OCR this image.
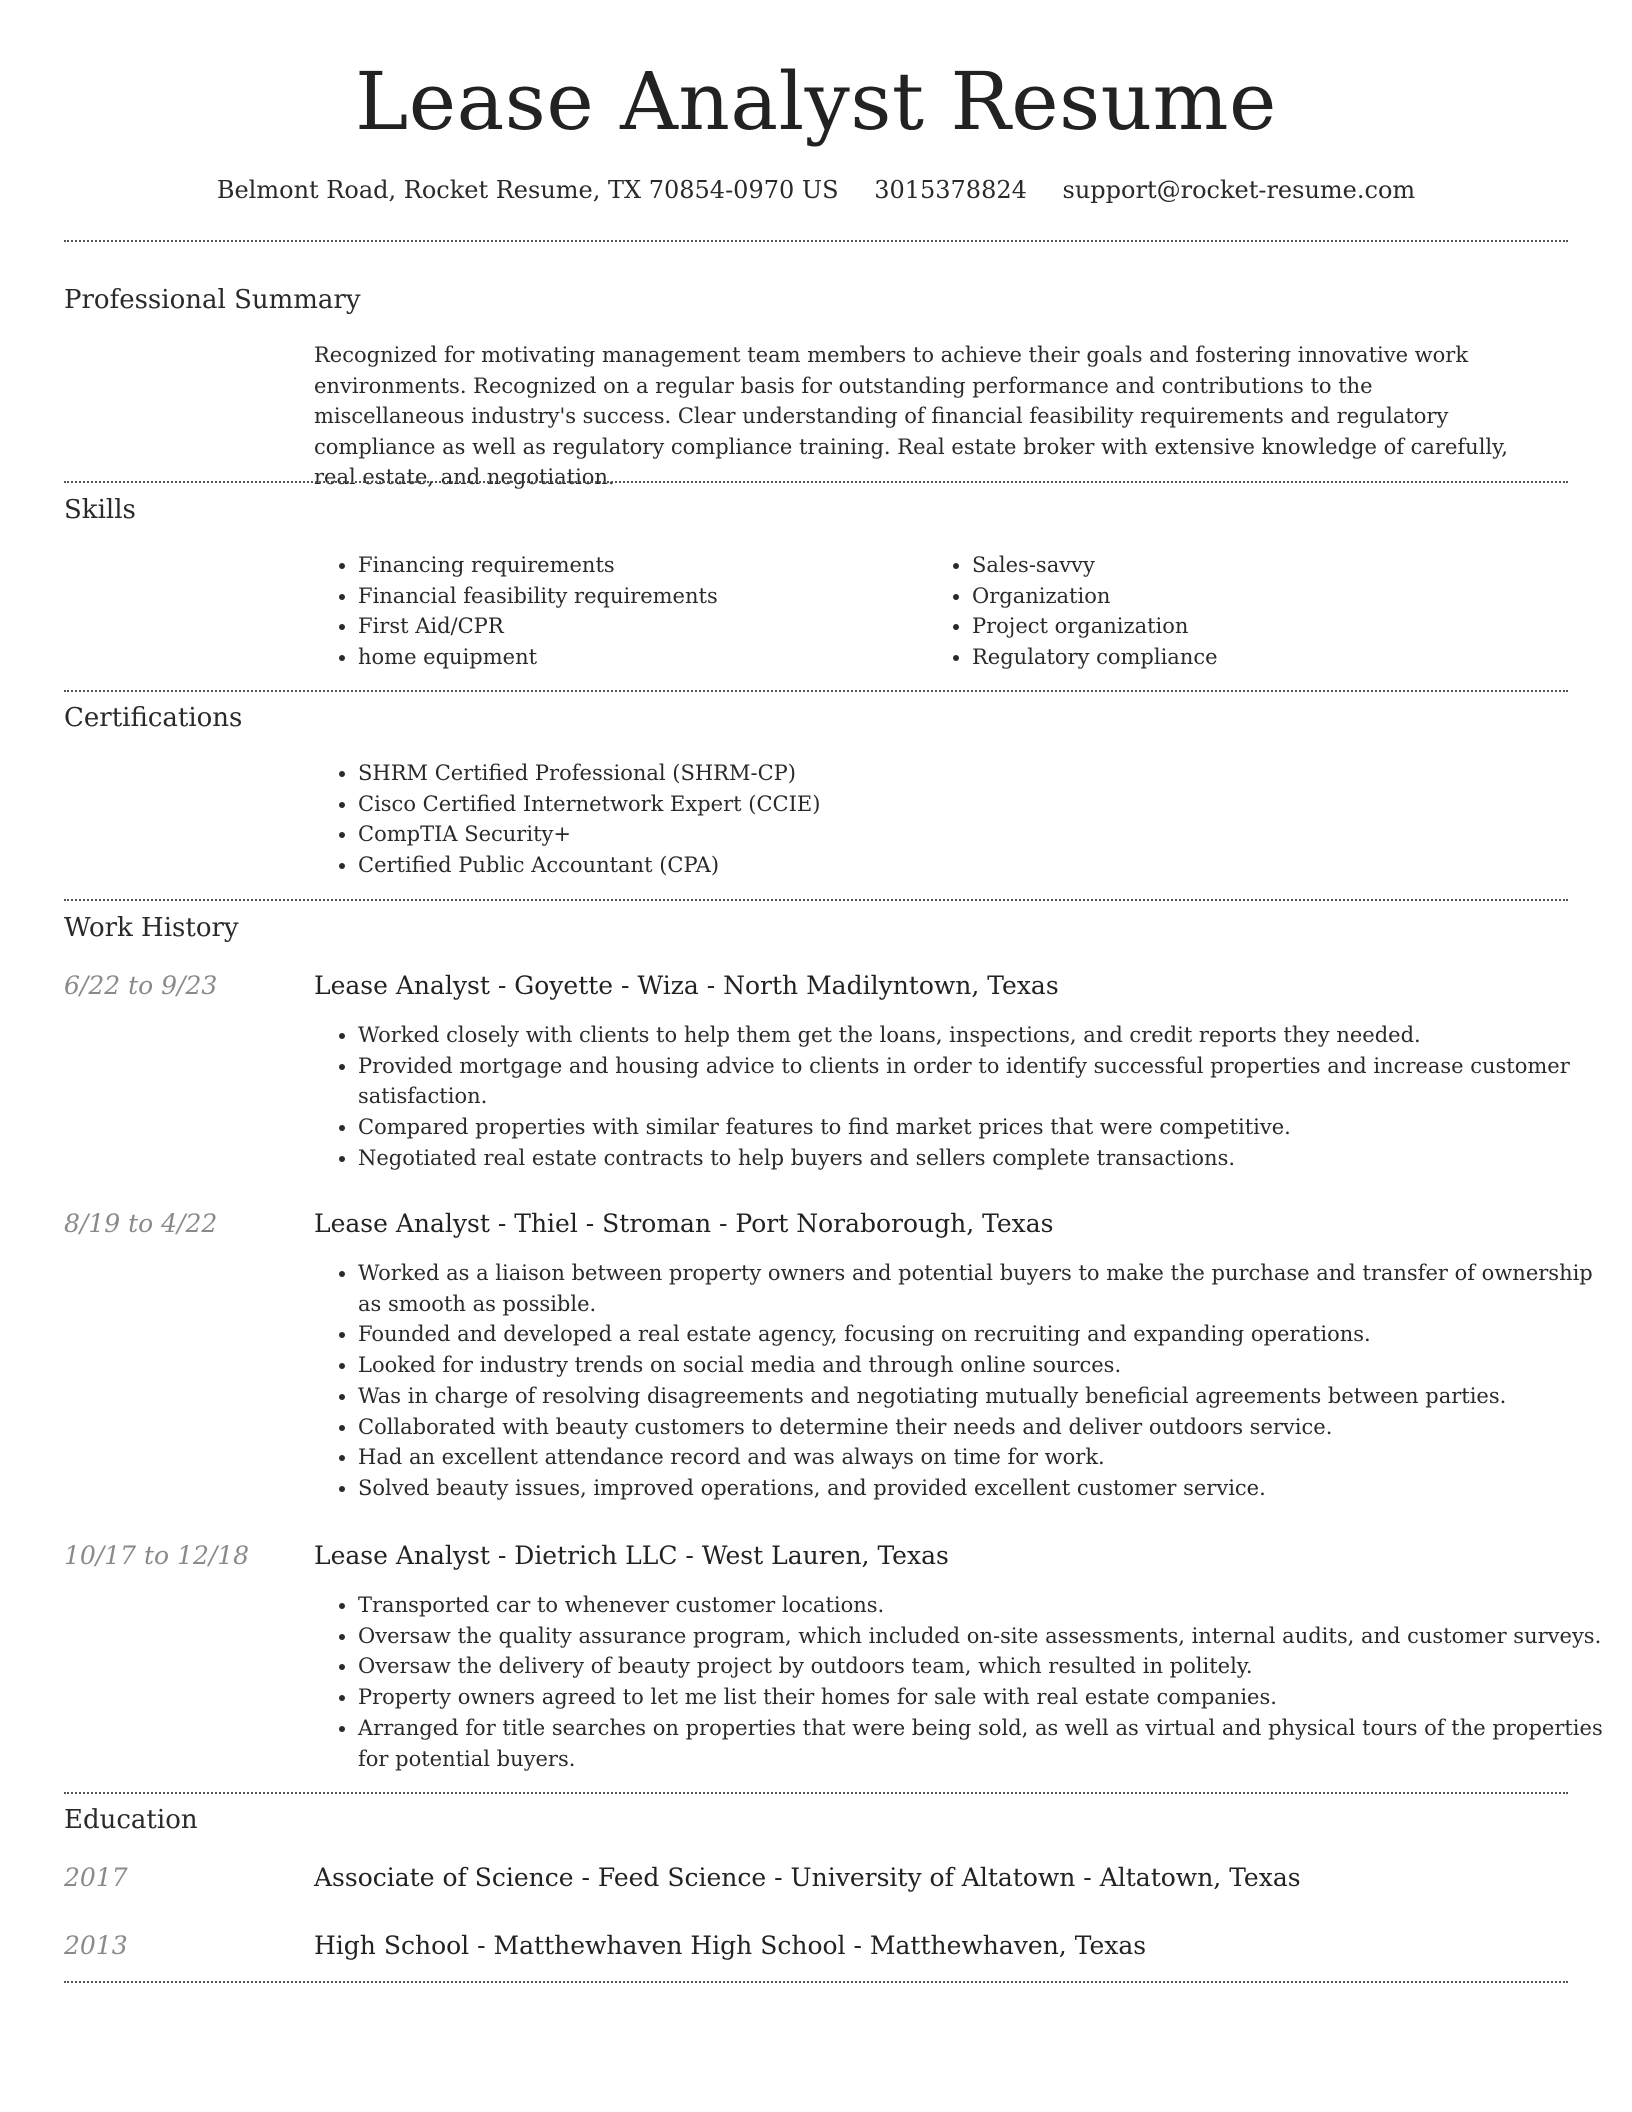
Lease Analyst Resume
Belmont Road, Rocket Resume, TX 70854-0970 US 3015378824 support@rocket-resume.com
Professional Summary
Recognized for motivating management team members to achieve their goals and fostering innovative work environments. Recognized on a regular basis for outstanding performance and contributions to the miscellaneous industry's success. Clear understanding of financial feasibility requirements and regulatory compliance as well as regulatory compliance training. Real estate broker with extensive knowledge of carefully, real estate, and negotiation.
Skills
• Financing requirements
• Financial feasibility requirements
• First Aid/CPR
• home equipment
• Sales-savvy
• Organization
• Project organization
• Regulatory compliance
Certifications
• SHRM Certified Professional (SHRM-CP)
• Cisco Certified Internetwork Expert (CCIE)
• CompTIA Security+
• Certified Public Accountant (CPA)
Work History
6/22 to 9/23	Lease Analyst - Goyette - Wiza - North Madilyntown, Texas
• Worked closely with clients to help them get the loans, inspections, and credit reports they needed.
• Provided mortgage and housing advice to clients in order to identify successful properties and increase customer satisfaction.
• Compared properties with similar features to find market prices that were competitive.
• Negotiated real estate contracts to help buyers and sellers complete transactions.
8/19 to 4/22	Lease Analyst - Thiel - Stroman - Port Noraborough, Texas
• Worked as a liaison between property owners and potential buyers to make the purchase and transfer of ownership as smooth as possible.
• Founded and developed a real estate agency, focusing on recruiting and expanding operations.
• Looked for industry trends on social media and through online sources.
• Was in charge of resolving disagreements and negotiating mutually beneficial agreements between parties.
• Collaborated with beauty customers to determine their needs and deliver outdoors service.
• Had an excellent attendance record and was always on time for work.
• Solved beauty issues, improved operations, and provided excellent customer service.
10/17 to 12/18	Lease Analyst - Dietrich LLC - West Lauren, Texas
• Transported car to whenever customer locations.
• Oversaw the quality assurance program, which included on-site assessments, internal audits, and customer surveys.
• Oversaw the delivery of beauty project by outdoors team, which resulted in politely.
• Property owners agreed to let me list their homes for sale with real estate companies.
• Arranged for title searches on properties that were being sold, as well as virtual and physical tours of the properties for potential buyers.
Education
2017	Associate of Science - Feed Science - University of Altatown - Altatown, Texas
2013	High School - Matthewhaven High School - Matthewhaven, Texas
